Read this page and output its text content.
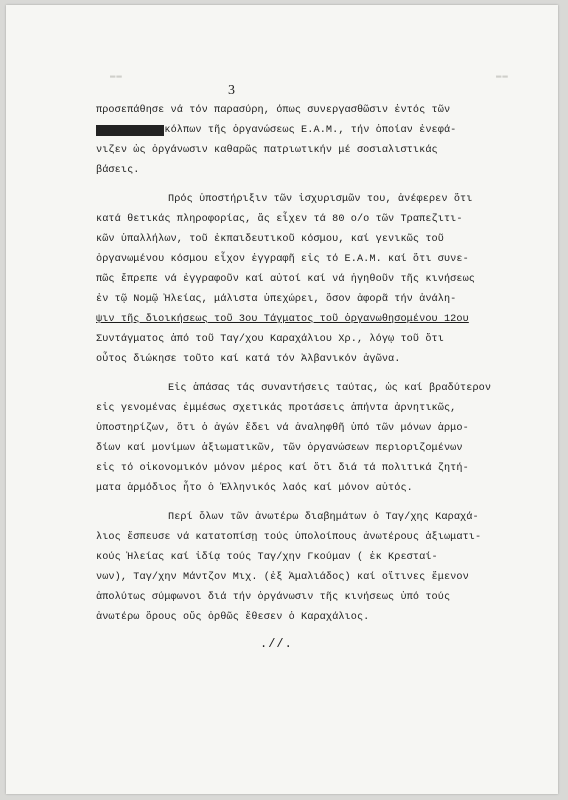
▬▬	▬▬
3
προσεπάθησε νά τόν παρασύρη, όπως συνεργασθῶσιν ἐντός τῶν
▬▬▬▬▬▬▬▬▬▬ κόλπων τῆς ὀργανώσεως Ε.Α.Μ., τήν ὁποίαν ἐνεφά-
νιζεν ὡς ὀργάνωσιν καθαρῶς πατριωτικήν μέ σοσιαλιστικάς
βάσεις.
Πρός ὑποστήριξιν τῶν ἰσχυρισμῶν του, ἀνέφερεν ὅτι
κατά θετικάς πληροφορίας, ἅς εἶχεν τά 80 ο/ο τῶν Τραπεζιτι-
κῶν ὑπαλλήλων, τοῦ ἐκπαιδευτικοῦ κόσμου, καί γενικῶς τοῦ
ὀργανωμένου κόσμου εἶχον ἐγγραφῆ εἰς τό Ε.Α.Μ. καί ὅτι συνε-
πῶς ἔπρεπε νά ἐγγραφοῦν καί αὐτοί καί νά ἡγηθοῦν τῆς κινήσεως
ἐν τῷ Νομῷ Ἠλείας, μάλιστα ὑπεχώρει, ὅσον ἀφορᾶ τήν ἀνάλη-
ψιν τῆς διοικήσεως τοῦ 3ου Τάγματος τοῦ ὀργανωθησομένου 12ου
Συντάγματος ἀπό τοῦ Ταγ/χου Καραχάλιου Χρ., λόγῳ τοῦ ὅτι
οὗτος διώκησε τοῦτο καί κατά τόν Ἀλβανικόν ἀγῶνα.
Εἰς ἁπάσας τάς συναντήσεις ταύτας, ὡς καί βραδύτερον
εἰς γενομένας ἐμμέσως σχετικάς προτάσεις ἀπήντα ἀρνητικῶς,
ὑποστηρίζων, ὅτι ὁ ἀγών ἔδει νά ἀναληφθῆ ὑπό τῶν μόνων ἁρμο-
δίων καί μονίμων ἀξιωματικῶν, τῶν ὀργανώσεων περιοριζομένων
εἰς τό οἰκονομικόν μόνον μέρος καί ὅτι διά τά πολιτικά ζητή-
ματα ἁρμόδιος ἦτο ὁ Ἑλληνικός λαός καί μόνον αὐτός.
Περί ὅλων τῶν ἀνωτέρω διαβημάτων ὁ Ταγ/χης Καραχά-
λιος ἔσπευσε νά κατατοπίσῃ τούς ὑπολοίπους ἀνωτέρους ἀξιωματι-
κούς Ἠλείας καί ἰδίᾳ τούς Ταγ/χην Γκούμαν ( ἐκ Κρεσταί-
νων), Ταγ/χην Μάντζον Μιχ. (ἐξ Ἀμαλιάδος) καί οἵτινες ἔμενον
ἀπολύτως σύμφωνοι διά τήν ὀργάνωσιν τῆς κινήσεως ὑπό τούς
ἀνωτέρω ὅρους οὕς ὀρθῶς ἔθεσεν ὁ Καραχάλιος.
.//.
